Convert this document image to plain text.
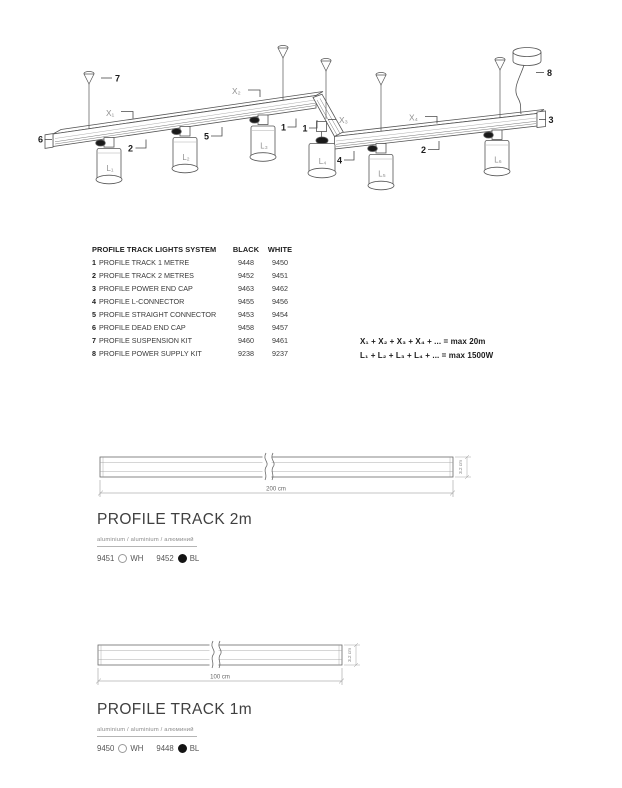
7
6
2
5
1 1
4
2
3
8
X₁
X₂
X₃	X₄
L₁
L₂
L₃
L₄
L₅
L₆
PROFILE TRACK LIGHTS SYSTEM	BLACK	WHITE
1 PROFILE TRACK 1 METRE	9448	9450
2 PROFILE TRACK 2 METRES	9452	9451
3 PROFILE POWER END CAP	9463	9462
4 PROFILE L-CONNECTOR	9455	9456
5 PROFILE STRAIGHT CONNECTOR	9453	9454
6 PROFILE DEAD END CAP	9458	9457
7 PROFILE SUSPENSION KIT	9460	9461
8 PROFILE POWER SUPPLY KIT	9238	9237
X₁ + X₂ + X₃ + X₄ + ... = max 20m
L₁ + L₂ + L₃ + L₄ + ... = max 1500W
200 cm
3.2 cm
PROFILE TRACK 2m
aluminium / aluminium / алюминий
9451 WH 9452 BL
100 cm
3.2 cm
PROFILE TRACK 1m
aluminium / aluminium / алюминий
9450 WH 9448 BL
